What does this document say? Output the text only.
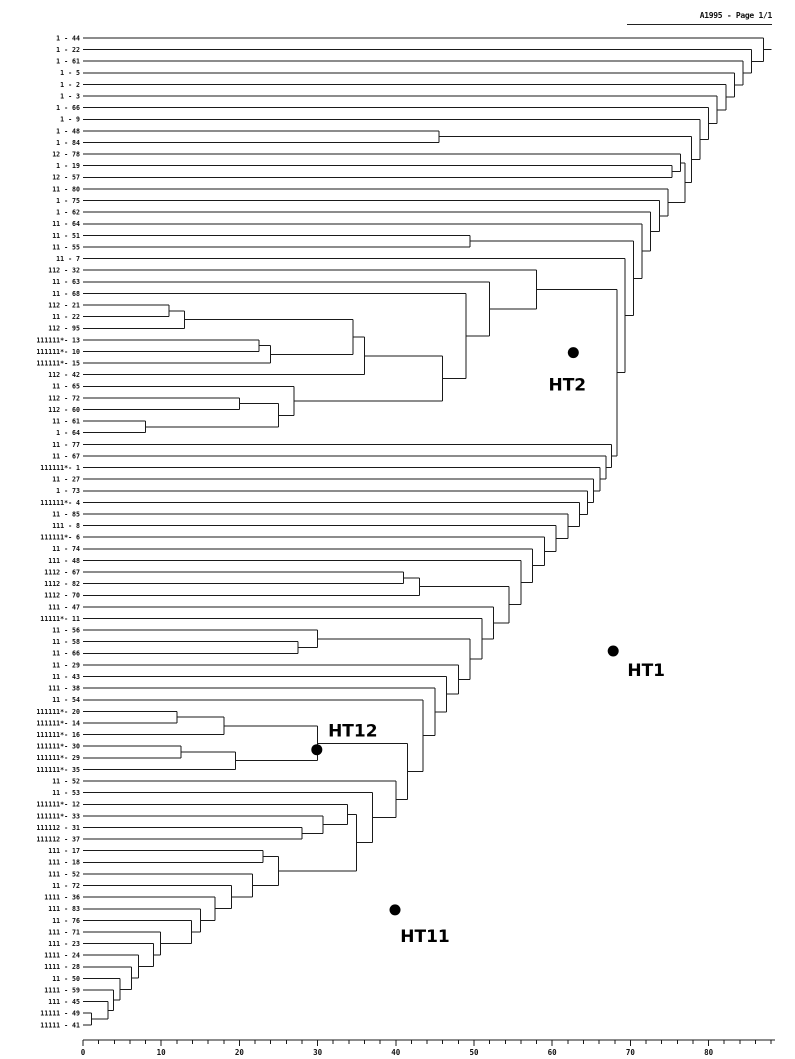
A1995 - Page 1/1
1 - 44
1 - 22
1 - 61
1 - 5
1 - 2
1 - 3
1 - 66
1 - 9
1 - 48
1 - 84
12 - 78
1 - 19
12 - 57
11 - 80
1 - 75
1 - 62
11 - 64
11 - 51
11 - 55
11 - 7
112 - 32
11 - 63
11 - 68
112 - 21
11 - 22
112 - 95
111111*- 13
111111*- 10
111111*- 15
112 - 42
11 - 65
112 - 72
112 - 60
11 - 61
1 - 64
11 - 77
11 - 67
111111*- 1
11 - 27
1 - 73
111111*- 4
11 - 85
111 - 8
111111*- 6
11 - 74
111 - 48
1112 - 67
1112 - 82
1112 - 70
111 - 47
11111*- 11
11 - 56
11 - 58
11 - 66
11 - 29
11 - 43
111 - 38
11 - 54
111111*- 20
111111*- 14
111111*- 16
111111*- 30
111111*- 29
111111*- 35
11 - 52
11 - 53
111111*- 12
111111*- 33
111112 - 31
111112 - 37
111 - 17
111 - 18
111 - 52
11 - 72
1111 - 36
111 - 83
11 - 76
111 - 71
111 - 23
1111 - 24
1111 - 28
11 - 50
1111 - 59
111 - 45
11111 - 49
11111 - 41
0	10	20	30	40	50	60	70	80
HT2
HT1
HT12
HT11
